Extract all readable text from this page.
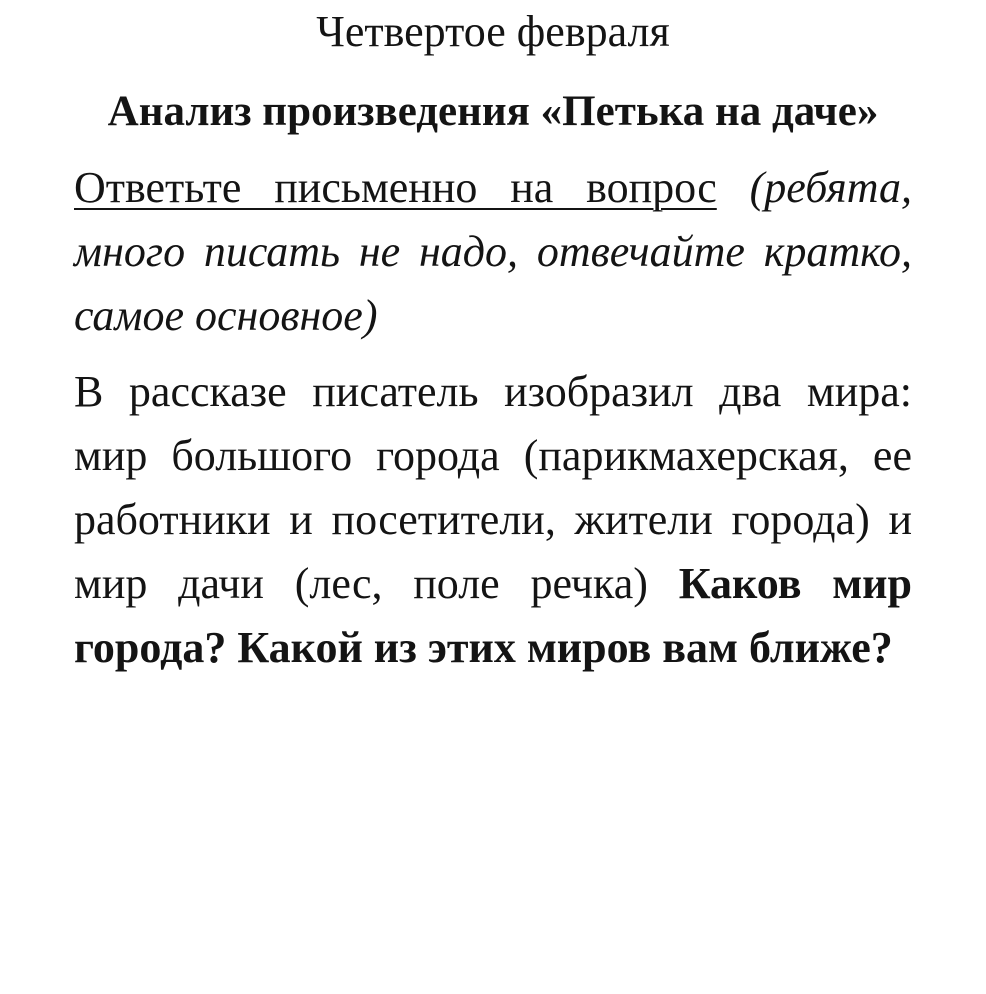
Четвертое февраля
Анализ произведения «Петька на даче»
Ответьте письменно на вопрос (ребята, много писать не надо, отвечайте кратко, самое основное)
В рассказе писатель изобразил два мира: мир большого города (парикмахерская, ее работники и посетители, жители города) и мир дачи (лес, поле речка) Каков мир города? Какой из этих миров вам ближе?
